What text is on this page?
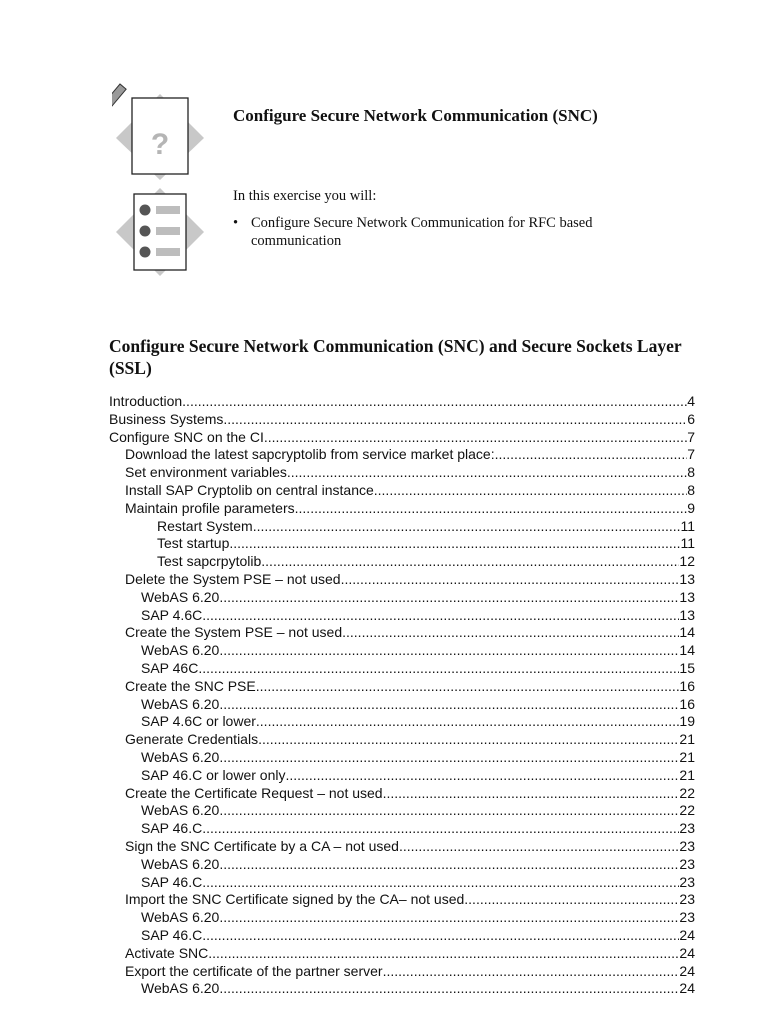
?
Configure Secure Network Communication (SNC)
In this exercise you will:
• Configure Secure Network Communication for RFC based communication
Configure Secure Network Communication (SNC) and Secure Sockets Layer (SSL)
Introduction .....	4
Business Systems .....	6
Configure SNC on the CI .....	7
Download the latest sapcryptolib from service market place: .....	7
Set environment variables .....	8
Install SAP Cryptolib on central instance .....	8
Maintain profile parameters .....	9
Restart System .....	11
Test startup .....	11
Test sapcrpytolib .....	12
Delete the System PSE – not used .....	13
WebAS 6.20 .....	13
SAP 4.6C .....	13
Create the System PSE – not used .....	14
WebAS 6.20 .....	14
SAP 46C .....	15
Create the SNC PSE .....	16
WebAS 6.20 .....	16
SAP 4.6C or lower .....	19
Generate Credentials .....	21
WebAS 6.20 .....	21
SAP 46.C or lower only .....	21
Create the Certificate Request – not used .....	22
WebAS 6.20 .....	22
SAP 46.C .....	23
Sign the SNC Certificate by a CA – not used .....	23
WebAS 6.20 .....	23
SAP 46.C .....	23
Import the SNC Certificate signed by the CA– not used .....	23
WebAS 6.20 .....	23
SAP 46.C .....	24
Activate SNC .....	24
Export the certificate of the partner server .....	24
WebAS 6.20 .....	24
